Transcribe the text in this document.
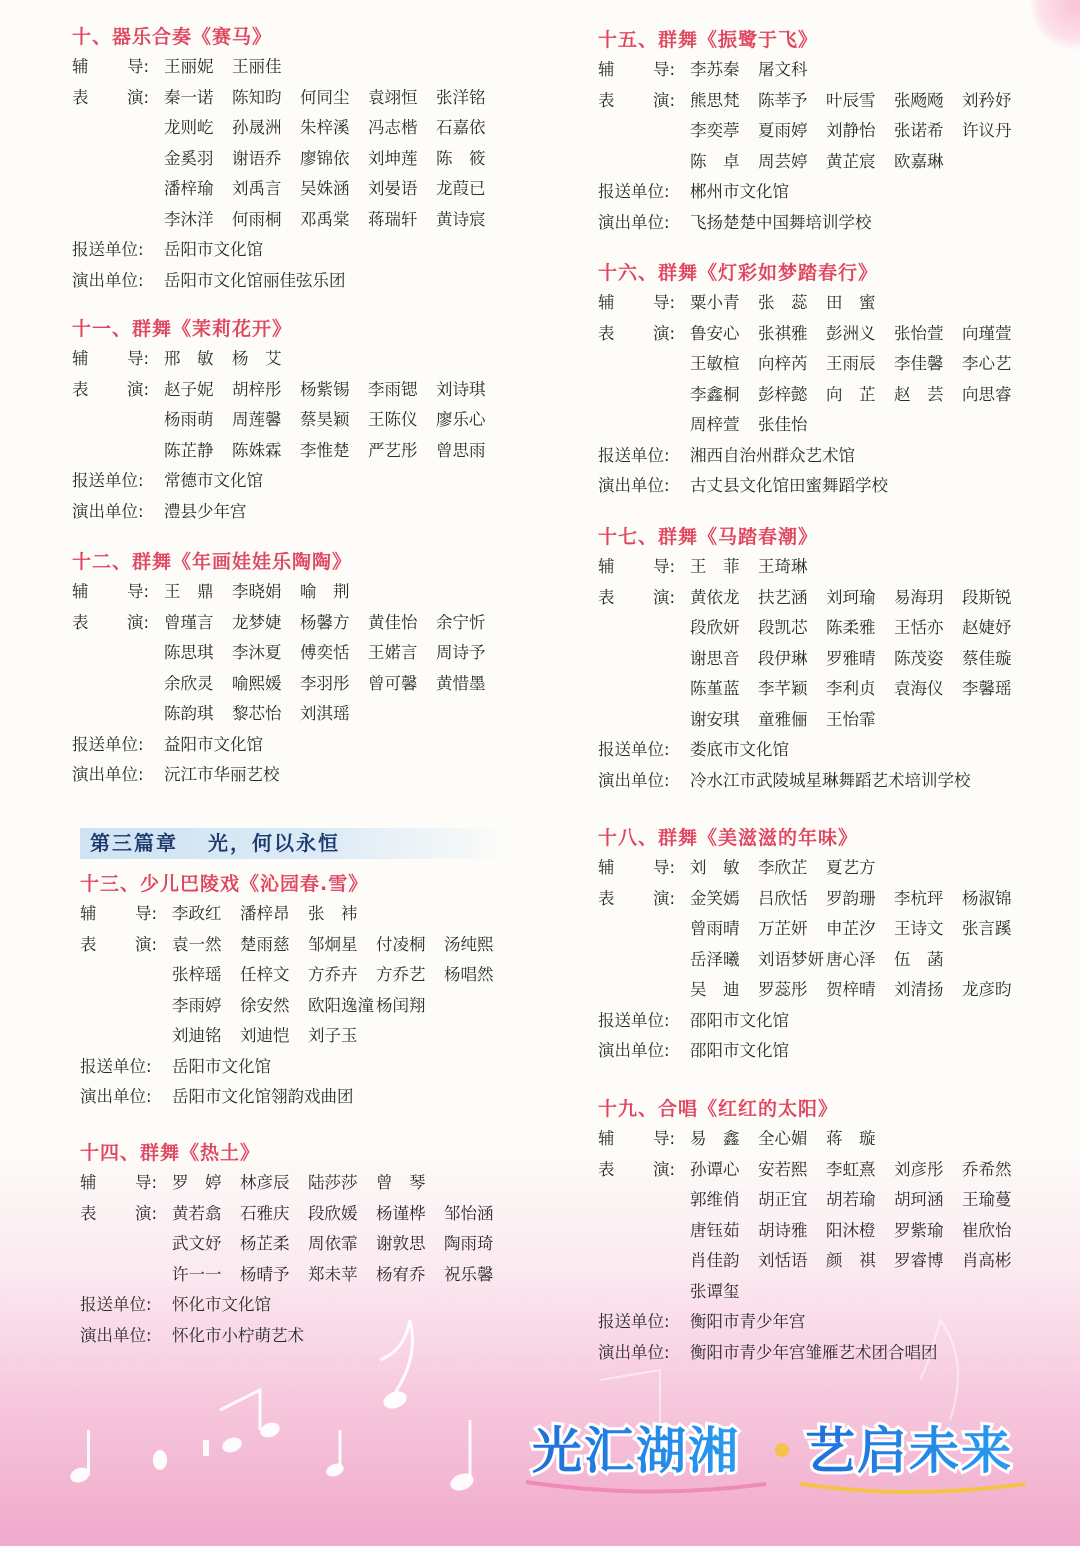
十、器乐合奏《赛马》
辅	导: 王丽妮 王丽佳
表	演: 秦一诺 陈知昀 何同尘 袁翊恒 张洋铭
龙则屹 孙晟洲 朱梓溪 冯志楷 石嘉依
金奚羽 谢语乔 廖锦依 刘坤莲 陈　筱
潘梓瑜 刘禹言 吴姝涵 刘晏语 龙葭已
李沐洋 何雨桐 邓禹棠 蒋瑞轩 黄诗宸
报送单位:	岳阳市文化馆
演出单位:	岳阳市文化馆丽佳弦乐团
十一、群舞《茉莉花开》
辅	导: 邢　敏 杨　艾
表	演: 赵子妮 胡梓彤 杨紫锡 李雨锶 刘诗琪
杨雨萌 周莲馨 蔡昊颖 王陈仪 廖乐心
陈芷静 陈姝霖 李惟楚 严艺彤 曾思雨
报送单位:	常德市文化馆
演出单位:	澧县少年宫
十二、群舞《年画娃娃乐陶陶》
辅	导: 王　鼎 李晓娟 喻　荆
表	演: 曾瑾言 龙梦婕 杨馨方 黄佳怡 余宁忻
陈思琪 李沐夏 傅奕恬 王婼言 周诗予
余欣灵 喻熙媛 李羽彤 曾可馨 黄惜墨
陈韵琪 黎芯怡 刘淇瑶
报送单位:	益阳市文化馆
演出单位:	沅江市华丽艺校
第三篇章 光，何以永恒
十三、少儿巴陵戏《沁园春.雪》
辅	导: 李政红 潘梓昂 张　袆
表	演: 袁一然 楚雨慈 邹炯星 付凌桐 汤纯熙
张梓瑶 任梓文 方乔卉 方乔艺 杨唱然
李雨婷 徐安然 欧阳逸潼 杨闰翔
刘迪铭 刘迪恺 刘子玉
报送单位:	岳阳市文化馆
演出单位:	岳阳市文化馆翎韵戏曲团
十四、群舞《热土》
辅	导: 罗　婷 林彦辰 陆莎莎 曾　琴
表	演: 黄若翕 石雅庆 段欣媛 杨谨桦 邹怡涵
武文妤 杨芷柔 周依霏 谢敦思 陶雨琦
许一一 杨晴予 郑未苹 杨宥乔 祝乐馨
报送单位:	怀化市文化馆
演出单位:	怀化市小柠萌艺术
十五、群舞《振鹭于飞》
辅	导: 李苏秦 屠文科
表	演: 熊思梵 陈莘予 叶辰雪 张飏飏 刘矜妤
李奕葶 夏雨婷 刘静怡 张诺希 许议丹
陈　卓 周芸婷 黄芷宸 欧嘉琳
报送单位:	郴州市文化馆
演出单位:	飞扬楚楚中国舞培训学校
十六、群舞《灯彩如梦踏春行》
辅	导: 粟小青 张　蕊 田　蜜
表	演: 鲁安心 张祺雅 彭洲义 张怡萱 向瑾萱
王敏楦 向梓芮 王雨辰 李佳馨 李心艺
李鑫桐 彭梓懿 向　芷 赵　芸 向思睿
周梓萱 张佳怡
报送单位:	湘西自治州群众艺术馆
演出单位:	古丈县文化馆田蜜舞蹈学校
十七、群舞《马踏春潮》
辅	导: 王　菲 王琦琳
表	演: 黄依龙 扶艺涵 刘珂瑜 易海玥 段斯锐
段欣妍 段凯芯 陈柔雅 王恬亦 赵婕妤
谢思音 段伊琳 罗雅晴 陈茂姿 蔡佳璇
陈堇蓝 李芊颖 李利贞 袁海仪 李馨瑶
谢安琪 童雅俪 王怡霏
报送单位:	娄底市文化馆
演出单位:	冷水江市武陵城星琳舞蹈艺术培训学校
十八、群舞《美滋滋的年味》
辅	导: 刘　敏 李欣芷 夏艺方
表	演: 金笑嫣 吕欣恬 罗韵珊 李杭玶 杨淑锦
曾雨晴 万芷妍 申芷汐 王诗文 张言蹊
岳泽曦 刘语梦妍 唐心泽 伍　菡
吴　迪 罗蕊彤 贺梓晴 刘清扬 龙彦昀
报送单位:	邵阳市文化馆
演出单位:	邵阳市文化馆
十九、合唱《红红的太阳》
辅	导: 易　鑫 全心媚 蒋　璇
表	演: 孙谭心 安若熙 李虹熹 刘彦彤 乔希然
郭维俏 胡正宜 胡若瑜 胡珂涵 王瑜蔓
唐钰茹 胡诗雅 阳沐橙 罗紫瑜 崔欣怡
肖佳韵 刘恬语 颜　祺 罗睿博 肖高彬
张谭玺
报送单位:	衡阳市青少年宫
演出单位:	衡阳市青少年宫雏雁艺术团合唱团
光汇湖湘 艺启未来
